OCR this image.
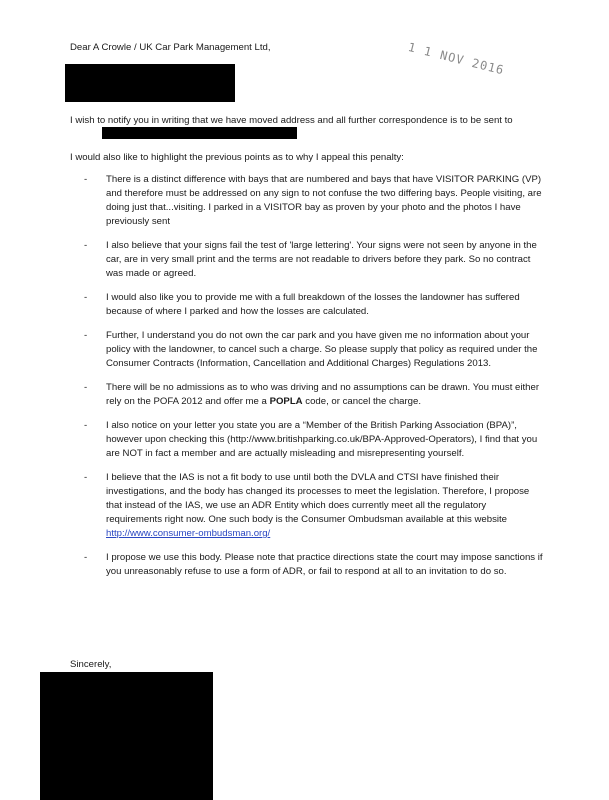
Dear A Crowle / UK Car Park Management Ltd,	1 1 NOV 2016
I wish to notify you in writing that we have moved address and all further correspondence is to be sent to
I would also like to highlight the previous points as to why I appeal this penalty:
- There is a distinct difference with bays that are numbered and bays that have VISITOR PARKING (VP) and therefore must be addressed on any sign to not confuse the two differing bays. People visiting, are doing just that...visiting. I parked in a VISITOR bay as proven by your photo and the photos I have previously sent
- I also believe that your signs fail the test of 'large lettering'. Your signs were not seen by anyone in the car, are in very small print and the terms are not readable to drivers before they park. So no contract was made or agreed.
- I would also like you to provide me with a full breakdown of the losses the landowner has suffered because of where I parked and how the losses are calculated.
- Further, I understand you do not own the car park and you have given me no information about your policy with the landowner, to cancel such a charge. So please supply that policy as required under the Consumer Contracts (Information, Cancellation and Additional Charges) Regulations 2013.
- There will be no admissions as to who was driving and no assumptions can be drawn. You must either rely on the POFA 2012 and offer me a POPLA code, or cancel the charge.
- I also notice on your letter you state you are a “Member of the British Parking Association (BPA)”, however upon checking this (http://www.britishparking.co.uk/BPA-Approved-Operators), I find that you are NOT in fact a member and are actually misleading and misrepresenting yourself.
- I believe that the IAS is not a fit body to use until both the DVLA and CTSI have finished their investigations, and the body has changed its processes to meet the legislation. Therefore, I propose that instead of the IAS, we use an ADR Entity which does currently meet all the regulatory requirements right now. One such body is the Consumer Ombudsman available at this website http://www.consumer-ombudsman.org/
- I propose we use this body. Please note that practice directions state the court may impose sanctions if you unreasonably refuse to use a form of ADR, or fail to respond at all to an invitation to do so.
Sincerely,
